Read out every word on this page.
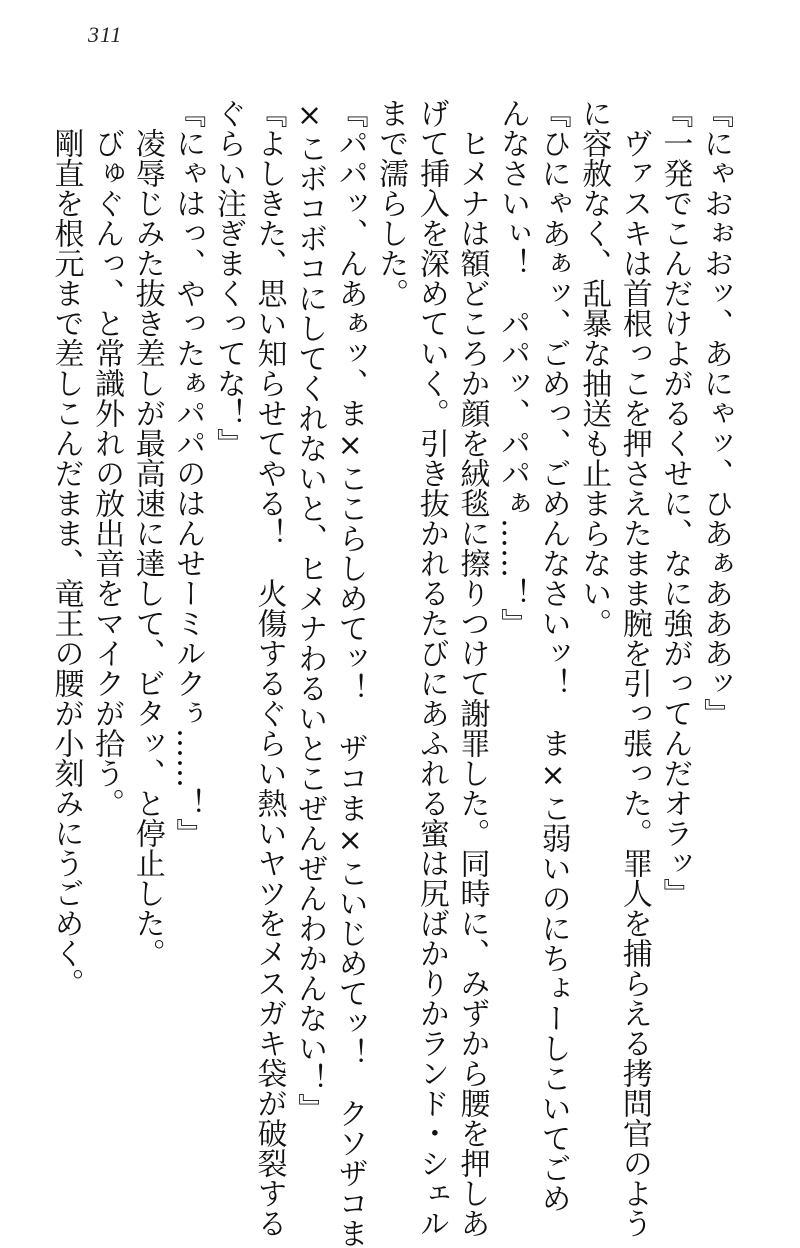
311
『にゃおぉおッ、あにゃッ、ひあぁあああッ』
『一発でこんだけよがるくせに、なに強がってんだオラッ』
　ヴァスキは首根っこを押さえたまま腕を引っ張った。罪人を捕らえる拷問官のよう
に容赦なく、乱暴な抽送も止まらない。
『ひにゃあぁッ、ごめっ、ごめんなさいッ！　ま×こ弱いのにちょーしこいてごめ
んなさいぃ！　パパッ、パパぁ……！』
　ヒメナは額どころか顔を絨毯に擦りつけて謝罪した。同時に、みずから腰を押しあ
げて挿入を深めていく。引き抜かれるたびにあふれる蜜は尻ばかりかランド・シェル
まで濡らした。
『パパッ、んあぁッ、ま×ここらしめてッ！　ザコま×こいじめてッ！　クソザコま
×こボコボコにしてくれないと、ヒメナわるいとこぜんぜんわかんない！』
『よしきた、思い知らせてやる！　火傷するぐらい熱いヤツをメスガキ袋が破裂する
ぐらい注ぎまくってな！』
『にゃはっ、やったぁパパのはんせーミルクぅ……！』
　凌辱じみた抜き差しが最高速に達して、ビタッ、と停止した。
　びゅぐんっ、と常識外れの放出音をマイクが拾う。
　剛直を根元まで差しこんだまま、竜王の腰が小刻みにうごめく。
